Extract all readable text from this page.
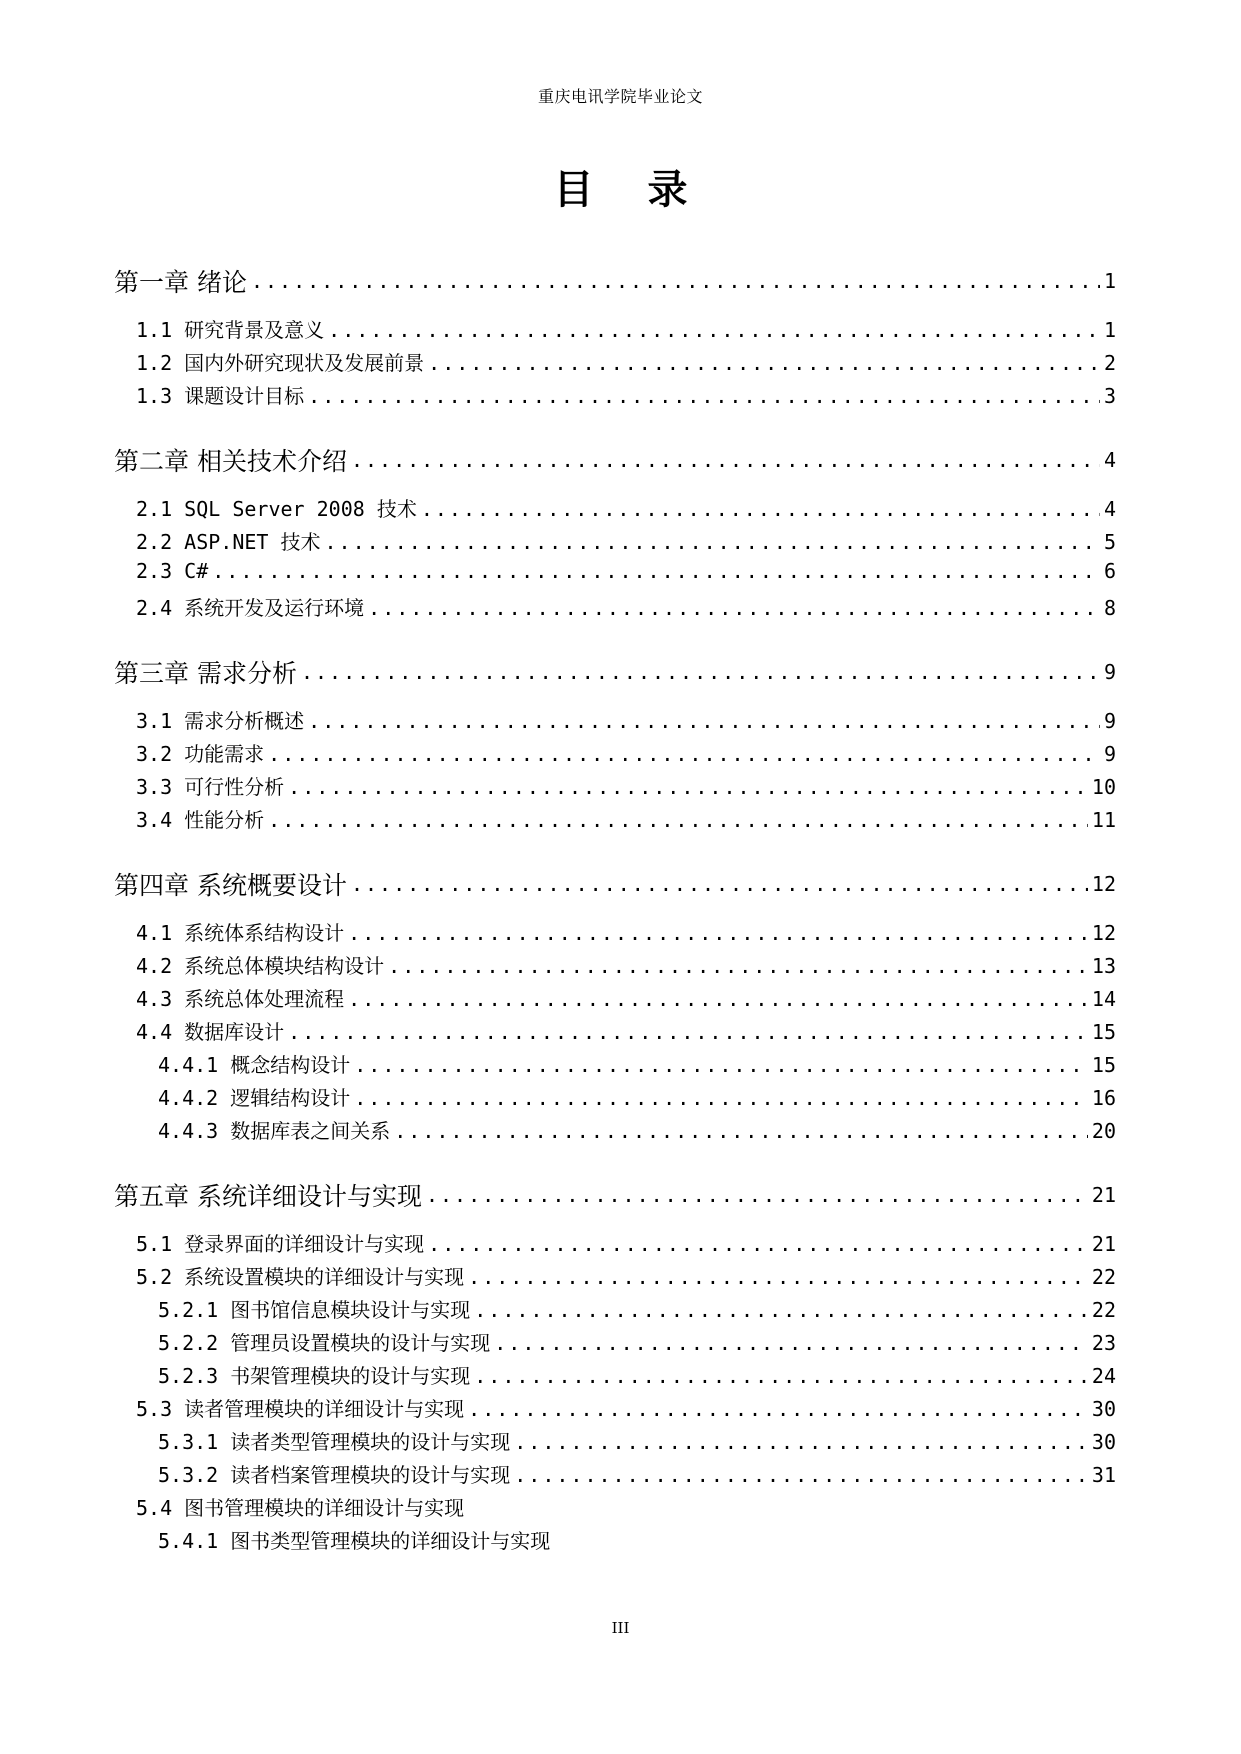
重庆电讯学院毕业论文
目 录
第一章 绪论 .....	1
1.1 研究背景及意义 .....	1
1.2 国内外研究现状及发展前景 .....	2
1.3 课题设计目标 .....	3
第二章 相关技术介绍 .....	4
2.1 SQL Server 2008 技术 .....	4
2.2 ASP.NET 技术 .....	5
2.3 C# .....	6
2.4 系统开发及运行环境 .....	8
第三章 需求分析 .....	9
3.1 需求分析概述 .....	9
3.2 功能需求 .....	9
3.3 可行性分析 .....	10
3.4 性能分析 .....	11
第四章 系统概要设计 .....	12
4.1 系统体系结构设计 .....	12
4.2 系统总体模块结构设计 .....	13
4.3 系统总体处理流程 .....	14
4.4 数据库设计 .....	15
4.4.1 概念结构设计 .....	15
4.4.2 逻辑结构设计 .....	16
4.4.3 数据库表之间关系 .....	20
第五章 系统详细设计与实现 .....	21
5.1 登录界面的详细设计与实现 .....	21
5.2 系统设置模块的详细设计与实现 .....	22
5.2.1 图书馆信息模块设计与实现 .....	22
5.2.2 管理员设置模块的设计与实现 .....	23
5.2.3 书架管理模块的设计与实现 .....	24
5.3 读者管理模块的详细设计与实现 .....	30
5.3.1 读者类型管理模块的设计与实现 .....	30
5.3.2 读者档案管理模块的设计与实现 .....	31
5.4 图书管理模块的详细设计与实现
5.4.1 图书类型管理模块的详细设计与实现
III
